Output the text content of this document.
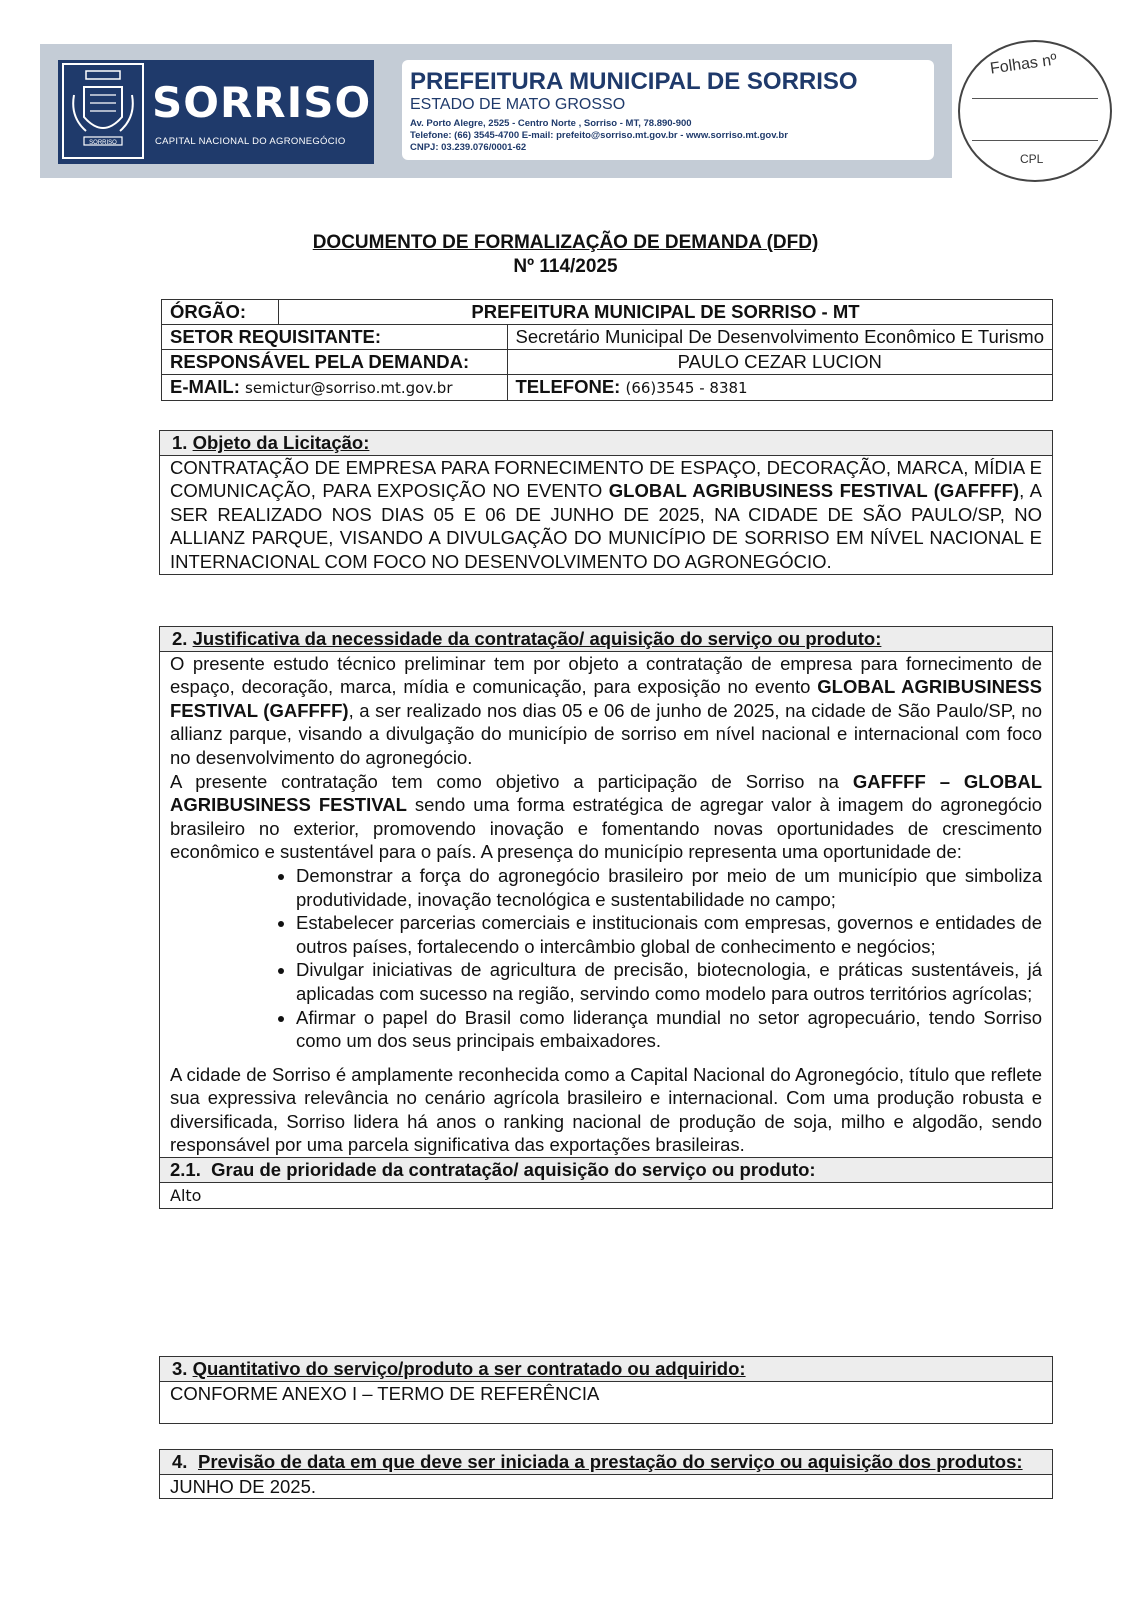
SORRISO
SORRISO
CAPITAL NACIONAL DO AGRONEGÓCIO
PREFEITURA MUNICIPAL DE SORRISO
ESTADO DE MATO GROSSO
Av. Porto Alegre, 2525 - Centro Norte , Sorriso - MT, 78.890-900
Telefone: (66) 3545-4700 E-mail: prefeito@sorriso.mt.gov.br - www.sorriso.mt.gov.br
CNPJ: 03.239.076/0001-62
Folhas nº
CPL
DOCUMENTO DE FORMALIZAÇÃO DE DEMANDA (DFD)
Nº 114/2025
ÓRGÃO:	PREFEITURA MUNICIPAL DE SORRISO - MT	
SETOR REQUISITANTE:		Secretário Municipal De Desenvolvimento Econômico E Turismo
RESPONSÁVEL PELA DEMANDA:		PAULO CEZAR LUCION
E-MAIL: semictur@sorriso.mt.gov.br		TELEFONE: (66)3545 - 8381
1. Objeto da Licitação:

CONTRATAÇÃO DE EMPRESA PARA FORNECIMENTO DE ESPAÇO, DECORAÇÃO, MARCA, MÍDIA E COMUNICAÇÃO, PARA EXPOSIÇÃO NO EVENTO GLOBAL AGRIBUSINESS FESTIVAL (GAFFFF), A SER REALIZADO NOS DIAS 05 E 06 DE JUNHO DE 2025, NA CIDADE DE SÃO PAULO/SP, NO ALLIANZ PARQUE, VISANDO A DIVULGAÇÃO DO MUNICÍPIO DE SORRISO EM NÍVEL NACIONAL E INTERNACIONAL COM FOCO NO DESENVOLVIMENTO DO AGRONEGÓCIO.

2. Justificativa da necessidade da contratação/ aquisição do serviço ou produto:

O presente estudo técnico preliminar tem por objeto a contratação de empresa para fornecimento de espaço, decoração, marca, mídia e comunicação, para exposição no evento GLOBAL AGRIBUSINESS FESTIVAL (GAFFFF), a ser realizado nos dias 05 e 06 de junho de 2025, na cidade de São Paulo/SP, no allianz parque, visando a divulgação do município de sorriso em nível nacional e internacional com foco no desenvolvimento do agronegócio.

A presente contratação tem como objetivo a participação de Sorriso na GAFFFF – GLOBAL AGRIBUSINESS FESTIVAL sendo uma forma estratégica de agregar valor à imagem do agronegócio brasileiro no exterior, promovendo inovação e fomentando novas oportunidades de crescimento econômico e sustentável para o país. A presença do município representa uma oportunidade de:

• Demonstrar a força do agronegócio brasileiro por meio de um município que simboliza produtividade, inovação tecnológica e sustentabilidade no campo;
• Estabelecer parcerias comerciais e institucionais com empresas, governos e entidades de outros países, fortalecendo o intercâmbio global de conhecimento e negócios;
• Divulgar iniciativas de agricultura de precisão, biotecnologia, e práticas sustentáveis, já aplicadas com sucesso na região, servindo como modelo para outros territórios agrícolas;
• Afirmar o papel do Brasil como liderança mundial no setor agropecuário, tendo Sorriso como um dos seus principais embaixadores.

A cidade de Sorriso é amplamente reconhecida como a Capital Nacional do Agronegócio, título que reflete sua expressiva relevância no cenário agrícola brasileiro e internacional. Com uma produção robusta e diversificada, Sorriso lidera há anos o ranking nacional de produção de soja, milho e algodão, sendo responsável por uma parcela significativa das exportações brasileiras.

2.1. Grau de prioridade da contratação/ aquisição do serviço ou produto:
Alto
3. Quantitativo do serviço/produto a ser contratado ou adquirido:
CONFORME ANEXO I – TERMO DE REFERÊNCIA
4. Previsão de data em que deve ser iniciada a prestação do serviço ou aquisição dos produtos:
JUNHO DE 2025.
